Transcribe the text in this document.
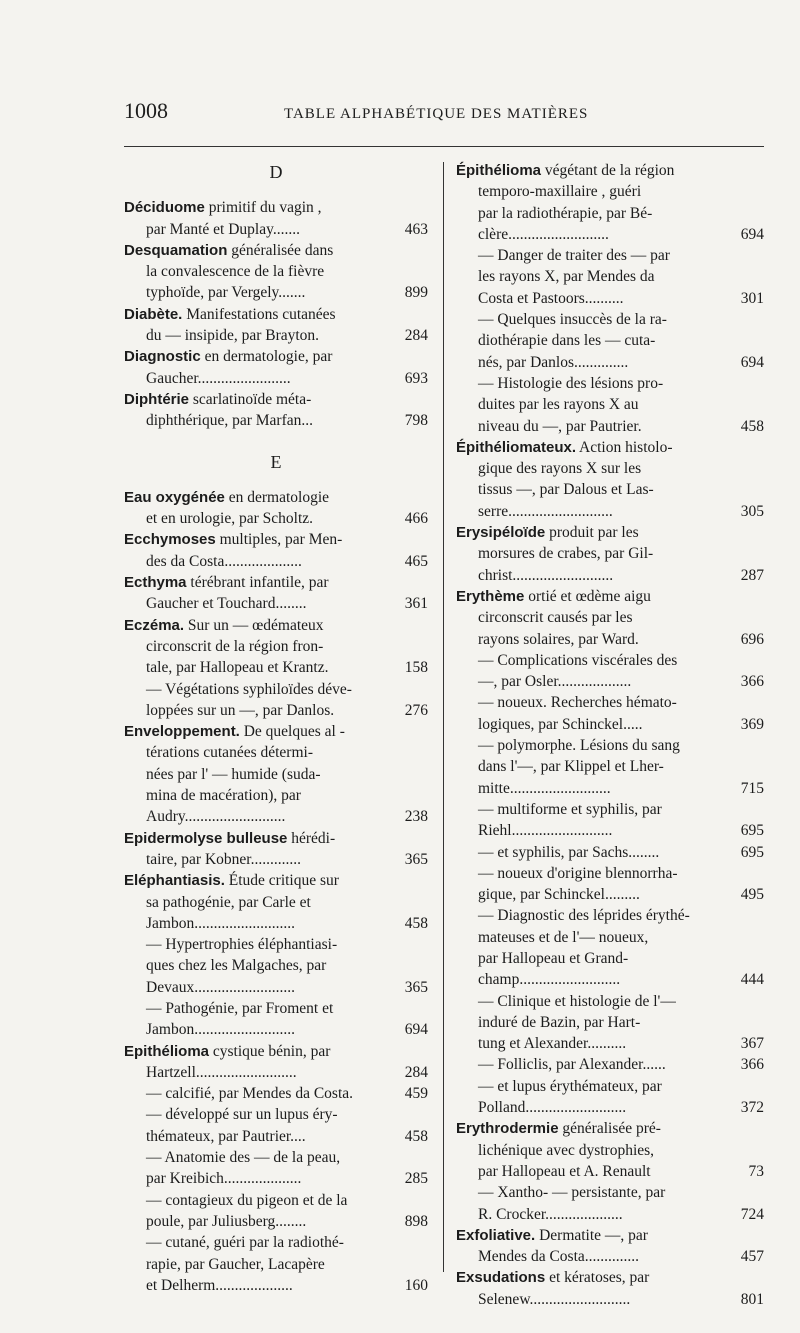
1008	TABLE ALPHABÉTIQUE DES MATIÈRES
D
Déciduome primitif du vagin ,
par Manté et Duplay.......	463
Desquamation généralisée dans
la convalescence de la fièvre
typhoïde, par Vergely.......	899
Diabète. Manifestations cutanées
du — insipide, par Brayton.	284
Diagnostic en dermatologie, par
Gaucher........................	693
Diphtérie scarlatinoïde méta-
diphthérique, par Marfan...	798
E
Eau oxygénée en dermatologie
et en urologie, par Scholtz.	466
Ecchymoses multiples, par Men-
des da Costa....................	465
Ecthyma térébrant infantile, par
Gaucher et Touchard........	361
Eczéma. Sur un — œdémateux
circonscrit de la région fron-
tale, par Hallopeau et Krantz.	158
— Végétations syphiloïdes déve-
loppées sur un —, par Danlos.	276
Enveloppement. De quelques al -
térations cutanées détermi-
nées par l' — humide (suda-
mina de macération), par
Audry..........................	238
Epidermolyse bulleuse hérédi-
taire, par Kobner.............	365
Eléphantiasis. Étude critique sur
sa pathogénie, par Carle et
Jambon..........................	458
— Hypertrophies éléphantiasi-
ques chez les Malgaches, par
Devaux..........................	365
— Pathogénie, par Froment et
Jambon..........................	694
Epithélioma cystique bénin, par
Hartzell..........................	284
— calcifié, par Mendes da Costa.	459
— développé sur un lupus éry-
thémateux, par Pautrier....	458
— Anatomie des — de la peau,
par Kreibich....................	285
— contagieux du pigeon et de la
poule, par Juliusberg........	898
— cutané, guéri par la radiothé-
rapie, par Gaucher, Lacapère
et Delherm....................	160
Épithélioma végétant de la région
temporo-maxillaire , guéri
par la radiothérapie, par Bé-
clère..........................	694
— Danger de traiter des — par
les rayons X, par Mendes da
Costa et Pastoors..........	301
— Quelques insuccès de la ra-
diothérapie dans les — cuta-
nés, par Danlos..............	694
— Histologie des lésions pro-
duites par les rayons X au
niveau du —, par Pautrier.	458
Épithéliomateux. Action histolo-
gique des rayons X sur les
tissus —, par Dalous et Las-
serre...........................	305
Erysipéloïde produit par les
morsures de crabes, par Gil-
christ..........................	287
Erythème ortié et œdème aigu
circonscrit causés par les
rayons solaires, par Ward.	696
— Complications viscérales des
—, par Osler...................	366
— noueux. Recherches hémato-
logiques, par Schinckel.....	369
— polymorphe. Lésions du sang
dans l'—, par Klippel et Lher-
mitte..........................	715
— multiforme et syphilis, par
Riehl..........................	695
— et syphilis, par Sachs........	695
— noueux d'origine blennorrha-
gique, par Schinckel.........	495
— Diagnostic des léprides érythé-
mateuses et de l'— noueux,
par Hallopeau et Grand-
champ..........................	444
— Clinique et histologie de l'—
induré de Bazin, par Hart-
tung et Alexander..........	367
— Folliclis, par Alexander......	366
— et lupus érythémateux, par
Polland..........................	372
Erythrodermie généralisée pré-
lichénique avec dystrophies,
par Hallopeau et A. Renault	73
— Xantho- — persistante, par
R. Crocker....................	724
Exfoliative. Dermatite —, par
Mendes da Costa..............	457
Exsudations et kératoses, par
Selenew..........................	801
